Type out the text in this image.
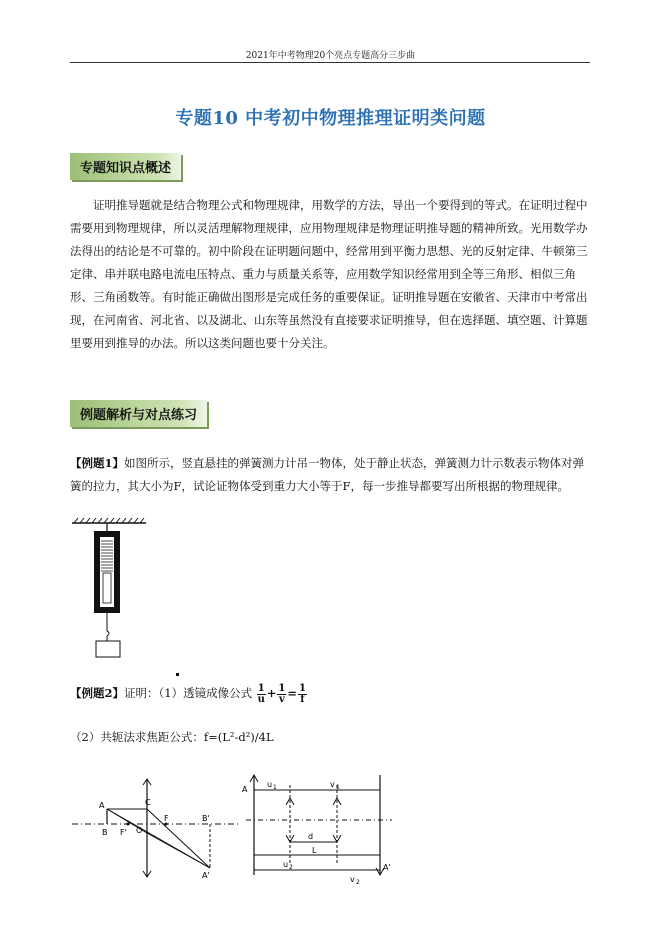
2021年中考物理20个亮点专题高分三步曲
专题10 中考初中物理推理证明类问题
专题知识点概述
证明推导题就是结合物理公式和物理规律，用数学的方法，导出一个要得到的等式。在证明过程中需要用到物理规律，所以灵活理解物理规律，应用物理规律是物理证明推导题的精神所致。光用数学办法得出的结论是不可靠的。初中阶段在证明题问题中，经常用到平衡力思想、光的反射定律、牛顿第三定律、串并联电路电流电压特点、重力与质量关系等，应用数学知识经常用到全等三角形、相似三角形、三角函数等。有时能正确做出图形是完成任务的重要保证。证明推导题在安徽省、天津市中考常出现，在河南省、河北省、以及湖北、山东等虽然没有直接要求证明推导，但在选择题、填空题、计算题里要用到推导的办法。所以这类问题也要十分关注。
例题解析与对点练习
【例题1】如图所示，竖直悬挂的弹簧测力计吊一物体，处于静止状态，弹簧测力计示数表示物体对弹簧的拉力，其大小为F，试论证物体受到重力大小等于F，每一步推导都要写出所根据的物理规律。
【例题2】证明：（1）透镜成像公式 $\frac{1}{u} + \frac{1}{v} = \frac{1}{f}$
（2）共轭法求焦距公式：f=(L²-d²)/4L
A
B
C
F' O
F	B'
A'
A
u 1	v 1
d
L
u 2
v 2
A'
